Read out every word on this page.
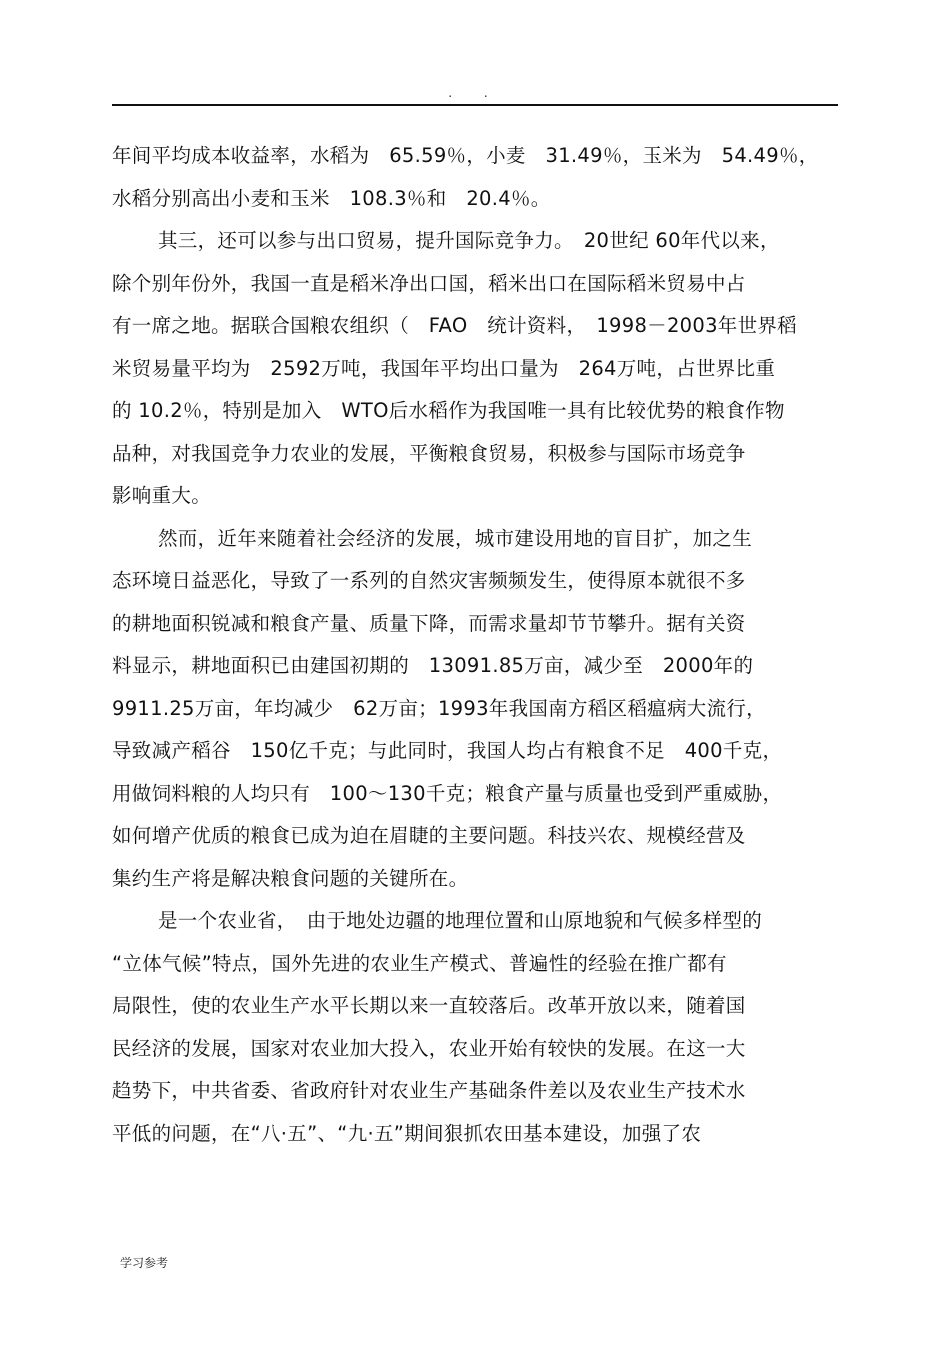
. .
年间平均成本收益率，水稻为　65.59％，小麦　31.49％，玉米为　54.49％，
水稻分别高出小麦和玉米　108.3％和　20.4％。
其三，还可以参与出口贸易，提升国际竞争力。　20世纪 60年代以来，
除个别年份外，我国一直是稻米净出口国，稻米出口在国际稻米贸易中占
有一席之地。据联合国粮农组织（　FAO　统计资料，　1998－2003年世界稻
米贸易量平均为　2592万吨，我国年平均出口量为　264万吨，占世界比重
的 10.2％，特别是加入　WTO后水稻作为我国唯一具有比较优势的粮食作物
品种，对我国竞争力农业的发展，平衡粮食贸易，积极参与国际市场竞争
影响重大。
然而，近年来随着社会经济的发展，城市建设用地的盲目扩，加之生
态环境日益恶化，导致了一系列的自然灾害频频发生，使得原本就很不多
的耕地面积锐减和粮食产量、质量下降，而需求量却节节攀升。据有关资
料显示，耕地面积已由建国初期的　13091.85万亩，减少至　2000年的
9911.25万亩，年均减少　62万亩；1993年我国南方稻区稻瘟病大流行，
导致减产稻谷　150亿千克；与此同时，我国人均占有粮食不足　400千克，
用做饲料粮的人均只有　100～130千克；粮食产量与质量也受到严重威胁，
如何增产优质的粮食已成为迫在眉睫的主要问题。科技兴农、规模经营及
集约生产将是解决粮食问题的关键所在。
是一个农业省，　由于地处边疆的地理位置和山原地貌和气候多样型的
“立体气候”特点，国外先进的农业生产模式、普遍性的经验在推广都有
局限性，使的农业生产水平长期以来一直较落后。改革开放以来，随着国
民经济的发展，国家对农业加大投入，农业开始有较快的发展。在这一大
趋势下，中共省委、省政府针对农业生产基础条件差以及农业生产技术水
平低的问题，在“八·五”、“九·五”期间狠抓农田基本建设，加强了农
学习参考
